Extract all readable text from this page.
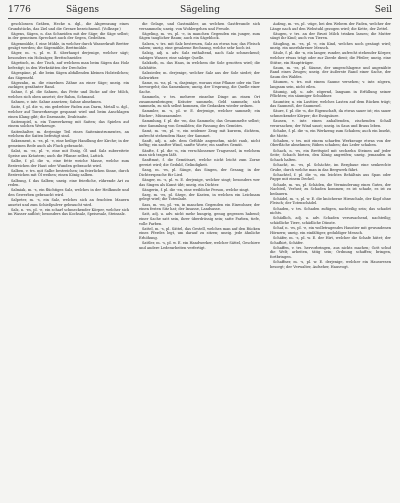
1776	Sägens	Sägeling	Seil

geschlossen Gräben, Hecke u. dgl., die Abgrenzung eines Grundstücks, das Ziel und die Grenze bezeichnend. (Volksspr.)

Sägens, Sägen, n. das Schneiden mit der Säge; die Säge selbst; in der gemeinen Sprechart auch der Segen, Gedeihen.

Sägenmühle, f. eine Mühle, in welcher durch Wasserkraft Bretter gesägt werden; die Sägemühle, Brettmühle.

Säger, m. -s, pl. w. E. überhaupt derjenige, welcher sägt; besonders ein Holzsäger, Brettschneider.

Sägetisch, m. der Tisch, auf welchem man beim Sägen das Holz befestigt; in den Werkstätten der Drechsler.

Sägespäne, pl. die beim Sägen abfallenden kleinen Holzteilchen; das Sägemehl.

Sägezahn, m. die einzelnen Zähne an einer Säge; uneig. ein zackiger, gezähnter Rand.

Sahne, f. pl. die Sahnen, das Fette und Dicke auf der Milch, welches sich oben ansetzt; der Rahm, Schmand.

Sahnen, v. intr. Sahne ansetzen; Sahne abnehmen.

Saite, f. pl. die -n, ein gedrehter Faden aus Darm, Metall u. dgl., welcher auf Tonwerkzeuge gespannt wird und beim Anschlagen einen Klang gibt; die Darmsaite, Drahtsaite.

Saitenspiel, n. ein Tonwerkzeug mit Saiten; das Spielen auf einem solchen Werkzeuge.

Saitenhalter, m. derjenige Teil eines Saiteninstrumentes, an welchem die Saiten befestigt sind.

Sakrament, n. -es, pl. -e, eine heilige Handlung der Kirche; in der gemeinen Rede auch als Fluch gebraucht.

Salat, m. -es, pl. -e, eine mit Essig, Öl und Salz zubereitete Speise aus Kräutern; auch die Pflanze selbst, Lattich.

Salbe, f. pl. die -n, eine fette weiche Masse, welche zum Bestreichen der Haut oder Wunden gebraucht wird.

Salben, v. trs. mit Salbe bestreichen; im feierlichen Sinne, durch Bestreichen mit Öl weihen; einen König salben.

Salbung, f. das Salben; uneig. eine feierliche, rührende Art zu reden.

Salmiak, m. -s, ein flüchtiges Salz, welches in der Heilkunde und den Gewerben gebraucht wird.

Salpeter, m. -s, ein Salz, welches sich an feuchten Mauern ansetzt und zum Schießpulver gebraucht wird.

Salz, n. -es, pl. -e, ein scharf schmeckender Körper, welcher sich im Wasser auflöst; besonders das Kochsalz, Speisesalz, Steinsalz.

die Gelage, und Gastmähler, an welchen Gastfreunde sich versammeln; uneig. von Wohlergehen und Freude.

Sägeling, m. -es, pl. -e, in manchen Gegenden ein junger, zum Sägen tauglicher Baum; auch ein Sägeblock.

Salzen, v. trs. mit Salz bestreuen, Salz an etwas tun; das Fleisch salzen; uneig. eine gesalzene Rechnung, welche sehr hoch ist.

Salzig, adj. u. adv. Salz enthaltend, nach Salz schmeckend; salziges Wasser, eine salzige Quelle.

Salzkoth, m. das Haus, in welchem die Sole gesotten wird; die Salzhütte.

Salzsieder, m. derjenige, welcher Salz aus der Sole siedet; der Salzwirker.

Same, m. -ns, pl. -n, dasjenige, woraus eine Pflanze oder ein Tier hervorgeht; das Samenkorn; uneig. der Ursprung, die Quelle einer Sache.

Sammeln, v. trs. mehrere einzelne Dinge an einen Ort zusammenbringen; Kräuter sammeln, Geld sammeln; sich sammeln, zu sich selbst kommen, die Gedanken wieder ordnen.

Sammler, m. -s, pl. w. E. derjenige, welcher sammelt; ein Bücher-, Münzsammler.

Sammlung, f. pl. die -en, das Sammeln; das Gesammelte selbst; eine Sammlung von Gemälden; die Fassung des Gemütes.

Samt, m. -es, pl. -e, ein seidener Zeug mit kurzem, dichtem, aufrecht stehendem Haar; der Sammet.

Sanft, adj. u. adv. dem Gefühle angenehm, nicht rauh, nicht heftig; ein sanfter Wind, sanfte Worte; ein sanftes Gemüt.

Sänfte, f. pl. die -n, ein verschlossener Tragsessel, in welchem man sich tragen läßt.

Sanftmut, f. die Gemütsart, welche nicht leicht zum Zorne gereizt wird; die Geduld, Gelindigkeit.

Sang, m. -es, pl. Sänge, das Singen, der Gesang; in der Dichtersprache für Lied.

Sänger, m. -s, pl. w. E. derjenige, welcher singt; besonders wer das Singen als Kunst übt; uneig. ein Dichter.

Sängerin, f. pl. die -en, eine weibliche Person, welche singt.

Sarg, m. -es, pl. Särge, der Kasten, in welchen ein Leichnam gelegt wird; die Totenlade.

Sass, m. -en, pl. -en, in manchen Gegenden ein Einwohner, der einen festen Sitz hat; der Insasse, Landsasse.

Satt, adj. u. adv. nicht mehr hungrig, genug gegessen habend; einer Sache satt sein, ihrer überdrüssig sein; satte Farben, tiefe, volle Farben.

Sattel, m. -s, pl. Sättel, das Gestell, welches man auf den Rücken eines Pferdes legt, um darauf zu sitzen; uneig. jede ähnliche Erhöhung.

Sattler, m. -s, pl. w. E. ein Handwerker, welcher Sättel, Geschirre und andere Lederarbeiten verfertigt.

Aufzug, m. -es, pl. -züge, bei den Webern der Faden, welcher der Länge nach auf den Webstuhl gezogen wird; die Kette, der Zettel.

Säugen, v. trs. an der Brust Milch trinken lassen; die Mutter säugt ihr Kind; auch von Tieren.

Säugling, m. -es, pl. -e, ein Kind, welches noch gesäugt wird; uneig. ein unerfahrener Mensch.

Säule, f. pl. die -n, ein langer, runder, aufrecht stehender Körper, welcher etwas trägt oder zur Zierde dient; die Pfeiler; uneig. eine Stütze, ein Hauptträger.

Saum, m. -es, pl. Säume, der umgeschlagene und angenähte Rand eines Zeuges; uneig. der äußerste Rand einer Sache, der Saum des Waldes.

Säumen, v. trs. mit einem Saume versehen; v. intr. zögern, langsam sein, nicht eilen.

Säumig, adj. u. adv. zögernd, langsam in Erfüllung seiner Pflichten; ein säumiger Schuldner.

Saumtier, n. ein Lasttier, welches Lasten auf dem Rücken trägt; das Saumroß, der Saumesel.

Säure, f. pl. die -n, die Eigenschaft, da etwas sauer ist; ein sauer schmeckender Körper; die Essigsäure.

Sausen, v. intr. einen anhaltenden, zischenden Schall verursachen; der Wind saust; uneig. in Saus und Braus leben.

Schabe, f. pl. die -n, ein Werkzeug zum Schaben; auch ein Insekt, die Motte.

Schaben, v. trs. mit einem scharfen Werkzeuge etwas von der Oberfläche abnehmen; Rüben schaben; das Leder schaben.

Schach, n. -es, ein Brettspiel mit sechzehn Steinen auf jeder Seite; Schach bieten, den König angreifen; uneig. jemanden in Schach halten.

Schacht, m. -es, pl. Schächte, im Bergbaue eine senkrechte Grube, durch welche man in das Bergwerk fährt.

Schachtel, f. pl. die -n, ein leichtes Behältnis aus Span oder Pappe mit einem Deckel.

Schade, m. -ns, pl. Schäden, die Verminderung eines Gutes, der Nachteil, Verlust; zu Schaden kommen; es ist schade, es ist zu bedauern.

Schädel, m. -s, pl. w. E. die knöcherne Hirnschale, der Kopf ohne Fleisch; der Totenschädel.

Schaden, v. trs. Schaden zufügen, nachteilig sein; das schadet nichts.

Schädlich, adj. u. adv. Schaden verursachend, nachteilig; schädliche Tiere, schädliche Dünste.

Schaf, n. -es, pl. -e, ein wolletragendes Haustier mit gewundenen Hörnern; uneig. ein einfältiger, geduldiger Mensch.

Schäfer, m. -s, pl. w. E. der Hirt, welcher die Schafe hütet; der Schafhirt, Schäfer.

Schaffen, v. trs. hervorbringen, aus nichts machen; Gott schuf die Welt; arbeiten, tätig sein; Ordnung schaffen; bringen, fortbringen.

Schaffner, m. -s, pl. w. E. derjenige, welcher ein Hauswesen besorgt; der Verwalter, Aufseher, Hausvogt.
